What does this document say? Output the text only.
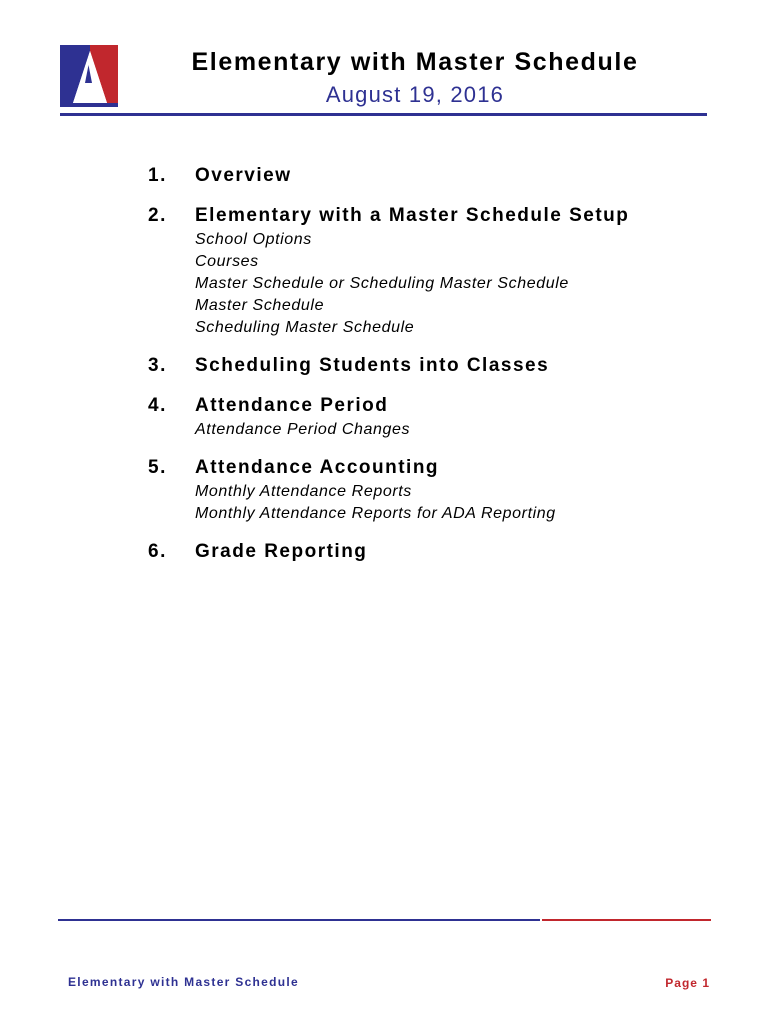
Elementary with Master Schedule
August 19, 2016
1.	Overview
2.	Elementary with a Master Schedule Setup
School Options
Courses
Master Schedule or Scheduling Master Schedule
Master Schedule
Scheduling Master Schedule
3.	Scheduling Students into Classes
4.	Attendance Period
Attendance Period Changes
5.	Attendance Accounting
Monthly Attendance Reports
Monthly Attendance Reports for ADA Reporting
6.	Grade Reporting
Elementary with Master Schedule	Page 1
